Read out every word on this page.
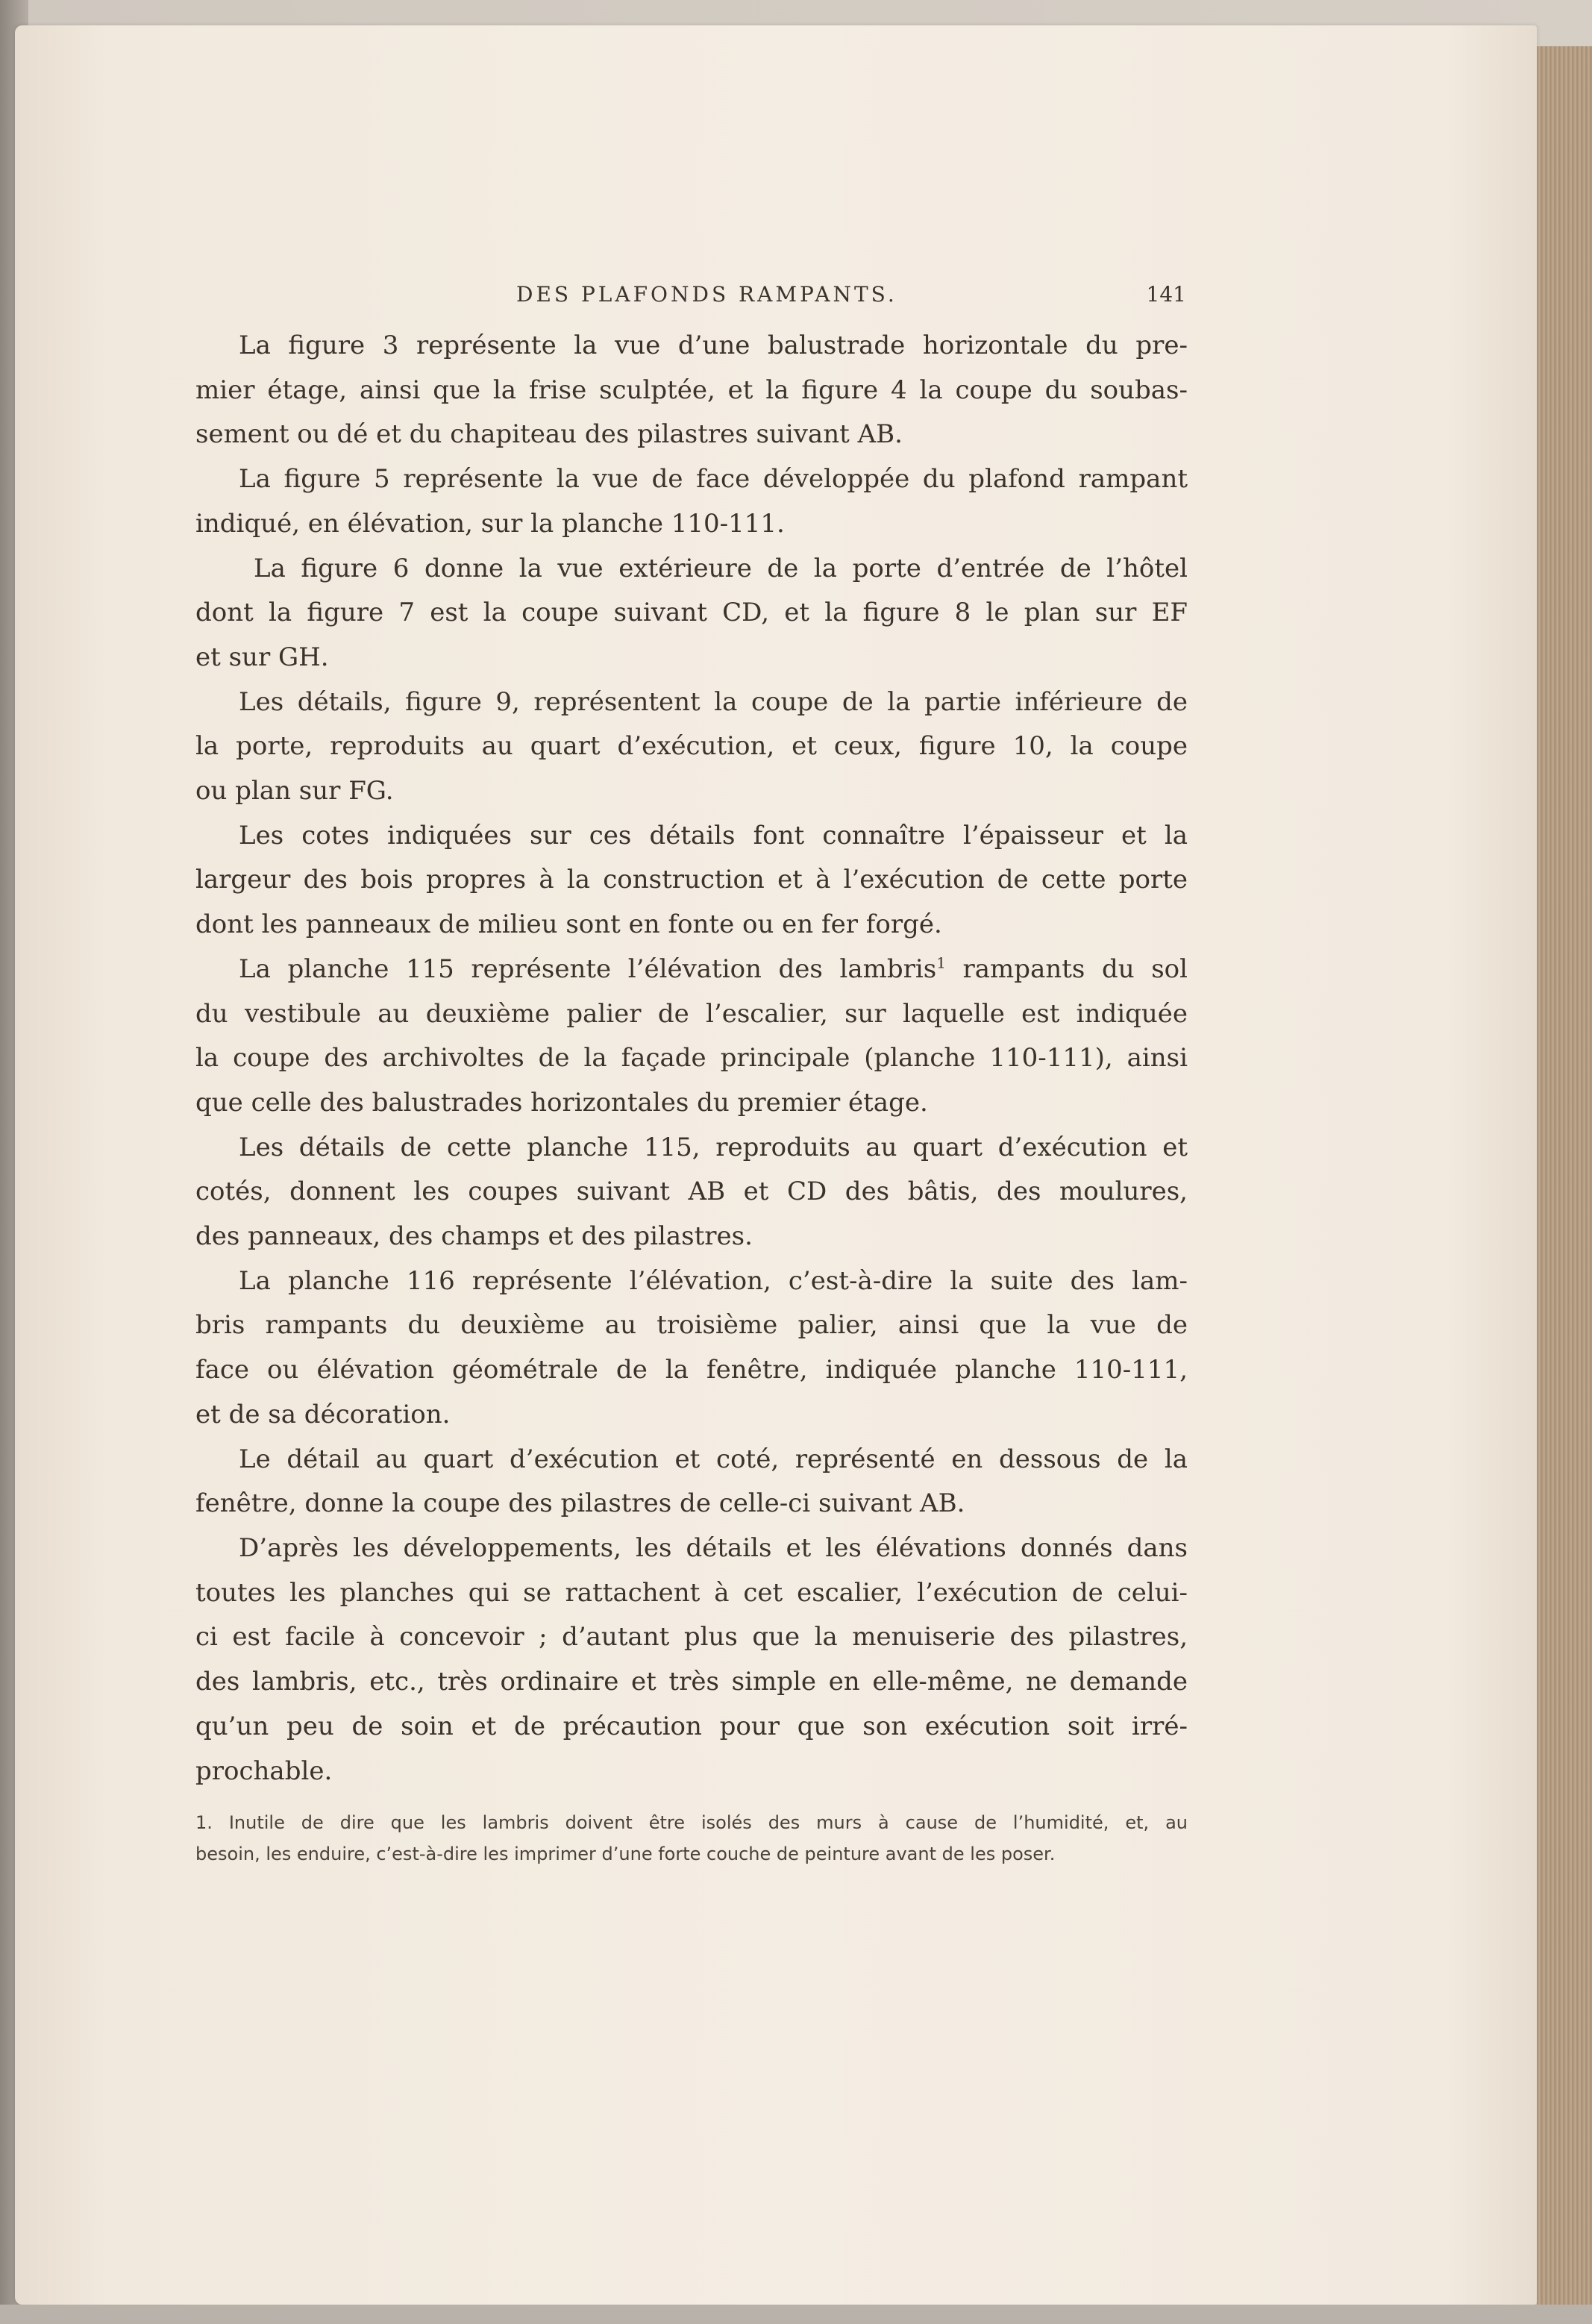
DES PLAFONDS RAMPANTS.	141

La figure 3 représente la vue d’une balustrade horizontale du pre-
mier étage, ainsi que la frise sculptée, et la figure 4 la coupe du soubas-
sement ou dé et du chapiteau des pilastres suivant AB.

La figure 5 représente la vue de face développée du plafond rampant
indiqué, en élévation, sur la planche 110-111.

La figure 6 donne la vue extérieure de la porte d’entrée de l’hôtel
dont la figure 7 est la coupe suivant CD, et la figure 8 le plan sur EF
et sur GH.

Les détails, figure 9, représentent la coupe de la partie inférieure de
la porte, reproduits au quart d’exécution, et ceux, figure 10, la coupe
ou plan sur FG.

Les cotes indiquées sur ces détails font connaître l’épaisseur et la
largeur des bois propres à la construction et à l’exécution de cette porte
dont les panneaux de milieu sont en fonte ou en fer forgé.

La planche 115 représente l’élévation des lambris$^1$ rampants du sol
du vestibule au deuxième palier de l’escalier, sur laquelle est indiquée
la coupe des archivoltes de la façade principale (planche 110-111), ainsi
que celle des balustrades horizontales du premier étage.

Les détails de cette planche 115, reproduits au quart d’exécution et
cotés, donnent les coupes suivant AB et CD des bâtis, des moulures,
des panneaux, des champs et des pilastres.

La planche 116 représente l’élévation, c’est-à-dire la suite des lam-
bris rampants du deuxième au troisième palier, ainsi que la vue de
face ou élévation géométrale de la fenêtre, indiquée planche 110-111,
et de sa décoration.

Le détail au quart d’exécution et coté, représenté en dessous de la
fenêtre, donne la coupe des pilastres de celle-ci suivant AB.

D’après les développements, les détails et les élévations donnés dans
toutes les planches qui se rattachent à cet escalier, l’exécution de celui-
ci est facile à concevoir ; d’autant plus que la menuiserie des pilastres,
des lambris, etc., très ordinaire et très simple en elle-même, ne demande
qu’un peu de soin et de précaution pour que son exécution soit irré-
prochable.

1. Inutile de dire que les lambris doivent être isolés des murs à cause de l’humidité, et, au
besoin, les enduire, c’est-à-dire les imprimer d’une forte couche de peinture avant de les poser.
